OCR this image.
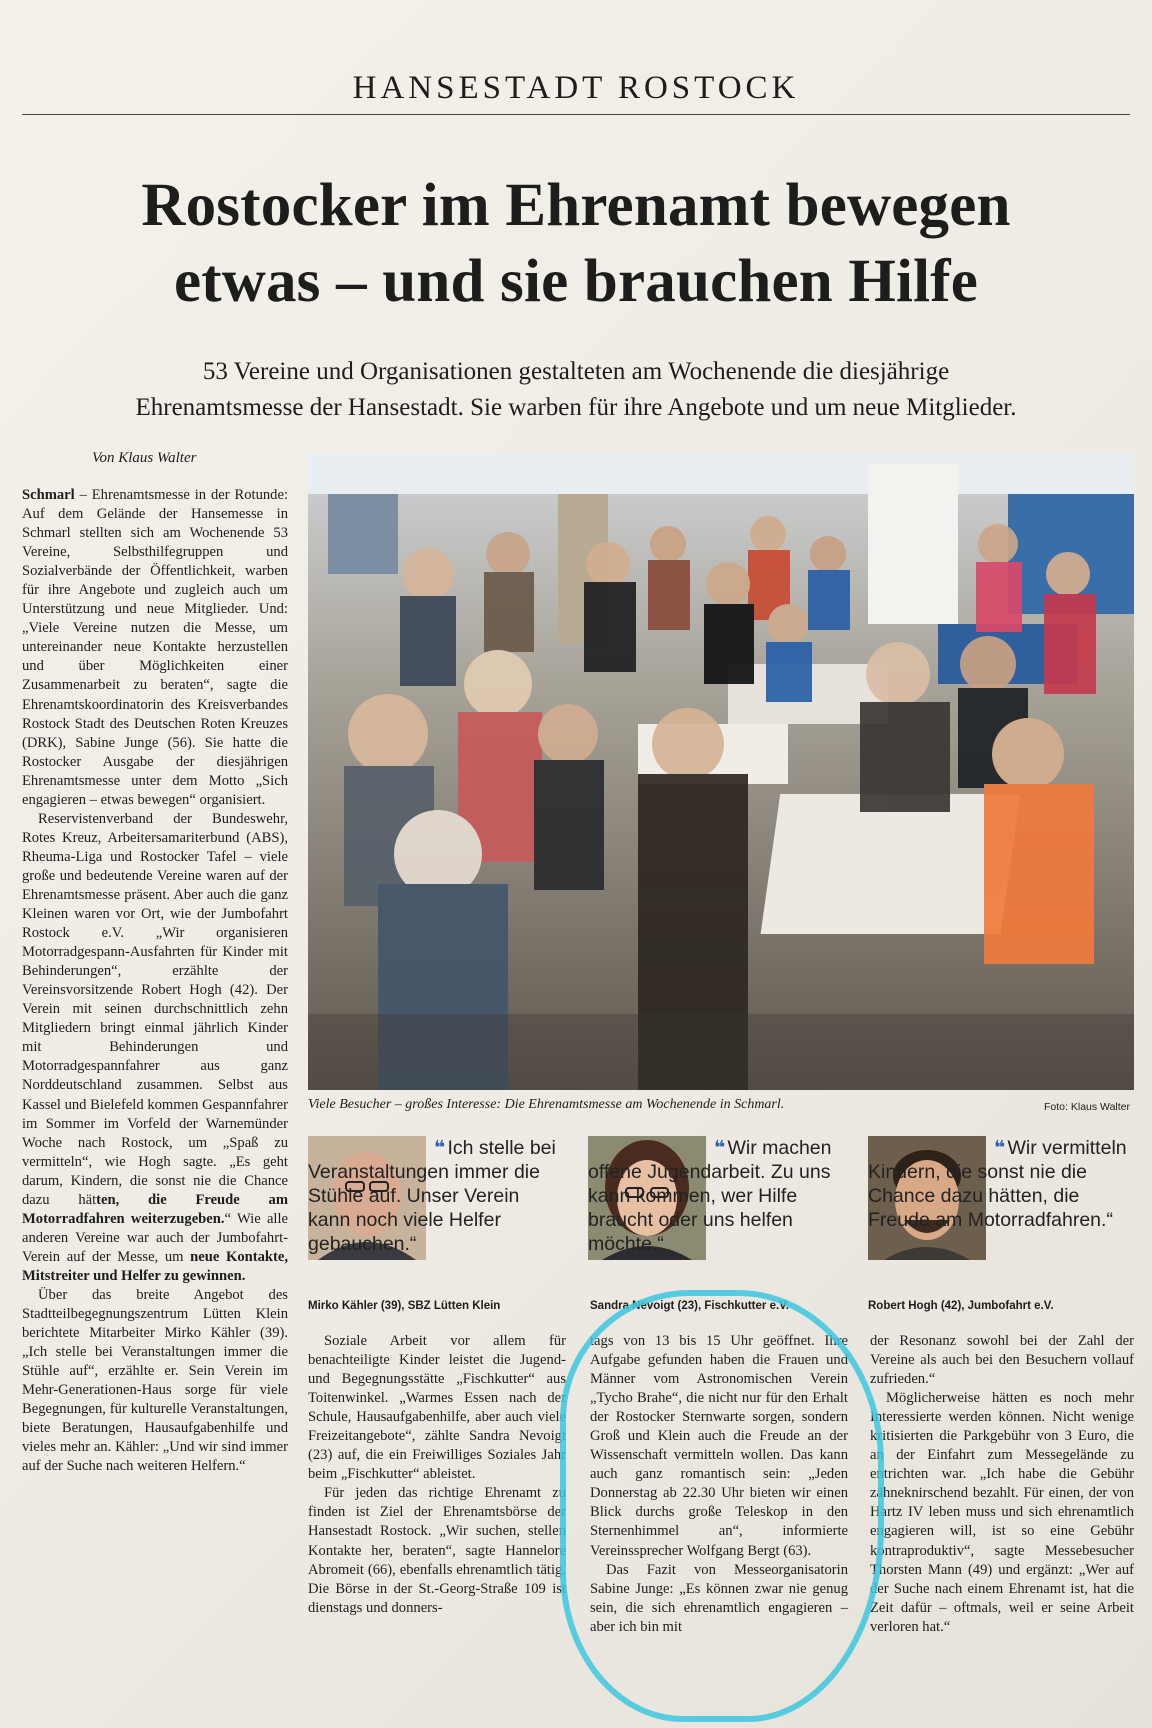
HANSESTADT ROSTOCK
Rostocker im Ehrenamt bewegen
etwas – und sie brauchen Hilfe
53 Vereine und Organisationen gestalteten am Wochenende die diesjährige
Ehrenamtsmesse der Hansestadt. Sie warben für ihre Angebote und um neue Mitglieder.
Von Klaus Walter

Schmarl – Ehrenamtsmesse in der Rotunde: Auf dem Gelände der Hansemesse in Schmarl stellten sich am Wochenende 53 Vereine, Selbsthilfegruppen und Sozialverbände der Öffentlichkeit, warben für ihre Angebote und zugleich auch um Unterstützung und neue Mitglieder. Und: „Viele Vereine nutzen die Messe, um untereinander neue Kontakte herzustellen und über Möglichkeiten einer Zusammenarbeit zu beraten“, sagte die Ehrenamtskoordinatorin des Kreisverbandes Rostock Stadt des Deutschen Roten Kreuzes (DRK), Sabine Junge (56). Sie hatte die Rostocker Ausgabe der diesjährigen Ehrenamtsmesse unter dem Motto „Sich engagieren – etwas bewegen“ organisiert.

Reservistenverband der Bundeswehr, Rotes Kreuz, Arbeitersamariterbund (ABS), Rheuma-Liga und Rostocker Tafel – viele große und bedeutende Vereine waren auf der Ehrenamtsmesse präsent. Aber auch die ganz Kleinen waren vor Ort, wie der Jumbofahrt Rostock e.V. „Wir organisieren Motorradgespann-Ausfahrten für Kinder mit Behinderungen“, erzählte der Vereinsvorsitzende Robert Hogh (42). Der Verein mit seinen durchschnittlich zehn Mitgliedern bringt einmal jährlich Kinder mit Behinderungen und Motorradgespannfahrer aus ganz Norddeutschland zusammen. Selbst aus Kassel und Bielefeld kommen Gespannfahrer im Sommer im Vorfeld der Warnemünder Woche nach Rostock, um „Spaß zu vermitteln“, wie Hogh sagte. „Es geht darum, Kindern, die sonst nie die Chance dazu hätten, die Freude am Motorradfahren weiterzugeben.“ Wie alle anderen Vereine war auch der Jumbofahrt-Verein auf der Messe, um neue Kontakte, Mitstreiter und Helfer zu gewinnen.

Über das breite Angebot des Stadtteilbegegnungszentrum Lütten Klein berichtete Mitarbeiter Mirko Kähler (39). „Ich stelle bei Veranstaltungen immer die Stühle auf“, erzählte er. Sein Verein im Mehr-Generationen-Haus sorge für viele Begegnungen, für kulturelle Veranstaltungen, biete Beratungen, Hausaufgabenhilfe und vieles mehr an. Kähler: „Und wir sind immer auf der Suche nach weiteren Helfern.“

Viele Besucher – großes Interesse: Die Ehrenamtsmesse am Wochenende in Schmarl.	Foto: Klaus Walter
❝ Ich stelle bei Veranstaltungen immer die Stühle auf. Unser Verein kann noch viele Helfer gebauchen.“
Mirko Kähler (39), SBZ Lütten Klein
❝ Wir machen offene Jugendarbeit. Zu uns kann kommen, wer Hilfe braucht oder uns helfen möchte.“
Sandra Nevoigt (23), Fischkutter e.V.
❝ Wir vermitteln Kindern, die sonst nie die Chance dazu hätten, die Freude am Motorradfahren.“
Robert Hogh (42), Jumbofahrt e.V.

Soziale Arbeit vor allem für benachteiligte Kinder leistet die Jugend- und Begegnungsstätte „Fischkutter“ aus Toitenwinkel. „Warmes Essen nach der Schule, Hausaufgabenhilfe, aber auch viele Freizeitangebote“, zählte Sandra Nevoigt (23) auf, die ein Freiwilliges Soziales Jahr beim „Fischkutter“ ableistet.

Für jeden das richtige Ehrenamt zu finden ist Ziel der Ehrenamtsbörse der Hansestadt Rostock. „Wir suchen, stellen Kontakte her, beraten“, sagte Hannelore Abromeit (66), ebenfalls ehrenamtlich tätig. Die Börse in der St.-Georg-Straße 109 ist dienstags und donners-

tags von 13 bis 15 Uhr geöffnet. Ihre Aufgabe gefunden haben die Frauen und Männer vom Astronomischen Verein „Tycho Brahe“, die nicht nur für den Erhalt der Rostocker Sternwarte sorgen, sondern Groß und Klein auch die Freude an der Wissenschaft vermitteln wollen. Das kann auch ganz romantisch sein: „Jeden Donnerstag ab 22.30 Uhr bieten wir einen Blick durchs große Teleskop in den Sternenhimmel an“, informierte Vereinssprecher Wolfgang Bergt (63).

Das Fazit von Messeorganisatorin Sabine Junge: „Es können zwar nie genug sein, die sich ehrenamtlich engagieren – aber ich bin mit

der Resonanz sowohl bei der Zahl der Vereine als auch bei den Besuchern vollauf zufrieden.“

Möglicherweise hätten es noch mehr Interessierte werden können. Nicht wenige kritisierten die Parkgebühr von 3 Euro, die an der Einfahrt zum Messegelände zu entrichten war. „Ich habe die Gebühr zähneknirschend bezahlt. Für einen, der von Hartz IV leben muss und sich ehrenamtlich engagieren will, ist so eine Gebühr kontraproduktiv“, sagte Messebesucher Thorsten Mann (49) und ergänzt: „Wer auf der Suche nach einem Ehrenamt ist, hat die Zeit dafür – oftmals, weil er seine Arbeit verloren hat.“
